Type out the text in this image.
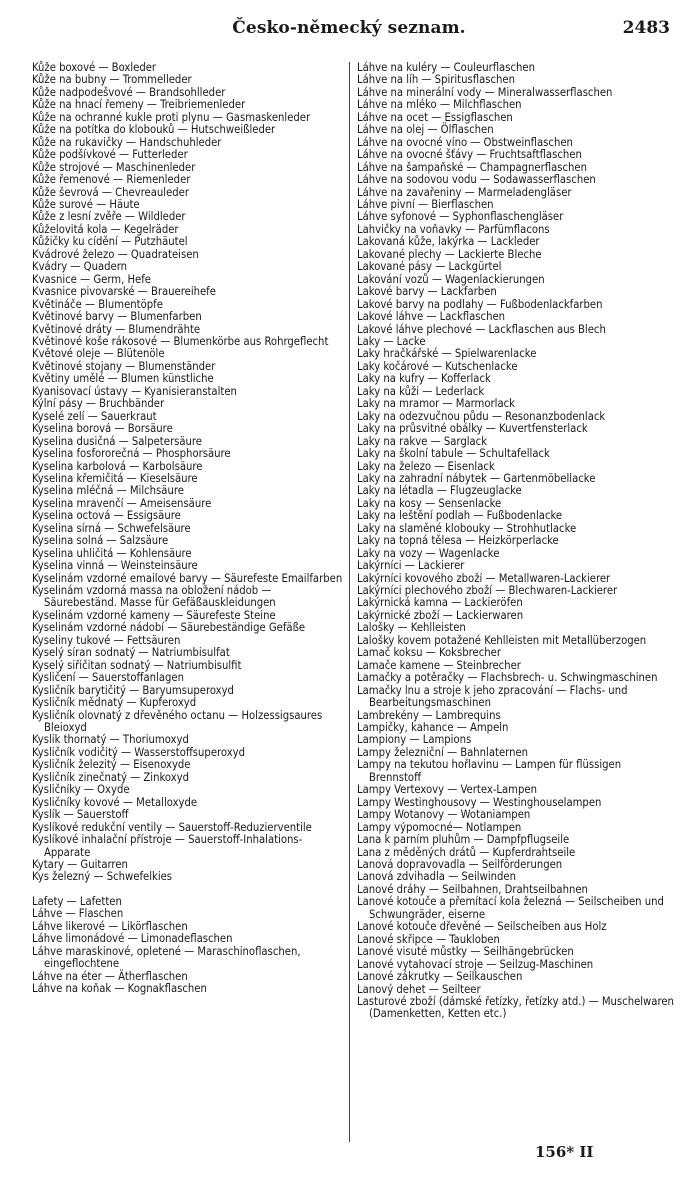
Česko-německý seznam.	2483

Kůže boxové — Boxleder

Kůže na bubny — Trommelleder

Kůže nadpodešvové — Brandsohlleder

Kůže na hnací řemeny — Treibriemenleder

Kůže na ochranné kukle proti plynu — Gasmaskenleder

Kůže na potítka do klobouků — Hutschweißleder

Kůže na rukavičky — Handschuhleder

Kůže podšívkové — Futterleder

Kůže strojové — Maschinenleder

Kůže řemenové — Riemenleder

Kůže ševrová — Chevreauleder

Kůže surové — Häute

Kůže z lesní zvěře — Wildleder

Kůželovitá kola — Kegelräder

Kůžičky ku cídění — Putzhäutel

Kvádrové železo — Quadrateisen

Kvádry — Quadern

Kvasnice — Germ, Hefe

Kvasnice pivovarské — Brauereihefe

Květináče — Blumentöpfe

Květinové barvy — Blumenfarben

Květinové dráty — Blumendrähte

Květinové koše rákosové — Blumenkörbe aus Rohrgeflecht

Květové oleje — Blütenöle

Květinové stojany — Blumenständer

Květiny umělé — Blumen künstliche

Kyanisovací ústavy — Kyanisieranstalten

Kýlní pásy — Bruchbänder

Kyselé zelí — Sauerkraut

Kyselina borová — Borsäure

Kyselina dusičná — Salpetersäure

Kyselina fosfororečná — Phosphorsäure

Kyselina karbolová — Karbolsäure

Kyselina křemičitá — Kieselsäure

Kyselina mléčná — Milchsäure

Kyselina mravenčí — Ameisensäure

Kyselina octová — Essigsäure

Kyselina sírná — Schwefelsäure

Kyselina solná — Salzsäure

Kyselina uhličitá — Kohlensäure

Kyselina vinná — Weinsteinsäure

Kyselinám vzdorné emailové barvy — Säurefeste Emailfarben

Kyselinám vzdorná massa na obložení nádob — Säurebeständ. Masse für Gefäßauskleidungen

Kyselinám vzdorné kameny — Säurefeste Steine

Kyselinám vzdorné nádobí — Säurebeständige Gefäße

Kyseliny tukové — Fettsäuren

Kyselý síran sodnatý — Natriumbisulfat

Kyselý siřičitan sodnatý — Natriumbisulfit

Kysličení — Sauerstoffanlagen

Kysličník barytičitý — Baryumsuperoxyd

Kysličník mědnatý — Kupferoxyd

Kysličník olovnatý z dřevěného octanu — Holzessigsaures Bleioxyd

Kyslik thornatý — Thoriumoxyd

Kysličník vodičitý — Wasserstoffsuperoxyd

Kysličník železitý — Eisenoxyde

Kysličník zinečnatý — Zinkoxyd

Kysličníky — Oxyde

Kysličníky kovové — Metalloxyde

Kyslík — Sauerstoff

Kyslíkové redukční ventily — Sauerstoff-Reduzierventile

Kyslíkové inhalační přístroje — Sauerstoff-Inhalations-Apparate

Kytary — Guitarren

Kys železný — Schwefelkies

Lafety — Lafetten

Láhve — Flaschen

Láhve likerové — Likörflaschen

Láhve limonádové — Limonadeflaschen

Láhve maraskinové, opletené — Maraschinoflaschen, eingeflochtene

Láhve na éter — Ätherflaschen

Láhve na koňak — Kognakflaschen

Láhve na kuléry — Couleurflaschen

Láhve na líh — Spiritusflaschen

Láhve na minerální vody — Mineralwasserflaschen

Láhve na mléko — Milchflaschen

Láhve na ocet — Essigflaschen

Láhve na olej — Ölflaschen

Láhve na ovocné víno — Obstweinflaschen

Láhve na ovocné šťávy — Fruchtsaftflaschen

Láhve na šampaňské — Champagnerflaschen

Láhve na sodovou vodu — Sodawasserflaschen

Láhve na zavařeniny — Marmeladengläser

Láhve pivní — Bierflaschen

Láhve syfonové — Syphonflaschengläser

Lahvičky na voňavky — Parfümflacons

Lakovaná kůže, lakýrka — Lackleder

Lakované plechy — Lackierte Bleche

Lakované pásy — Lackgürtel

Lakování vozů — Wagenlackierungen

Lakové barvy — Lackfarben

Lakové barvy na podlahy — Fußbodenlackfarben

Lakové láhve — Lackflaschen

Lakové láhve plechové — Lackflaschen aus Blech

Laky — Lacke

Laky hračkářské — Spielwarenlacke

Laky kočárové — Kutschenlacke

Laky na kufry — Kofferlack

Laky na kůži — Lederlack

Laky na mramor — Marmorlack

Laky na odezvučnou půdu — Resonanzbodenlack

Laky na průsvitné obálky — Kuvertfensterlack

Laky na rakve — Sarglack

Laky na školní tabule — Schultafellack

Laky na železo — Eisenlack

Laky na zahradní nábytek — Gartenmöbellacke

Laky na létadla — Flugzeuglacke

Laky na kosy — Sensenlacke

Laky na leštění podlah — Fußbodenlacke

Laky na slaměné klobouky — Strohhutlacke

Laky na topná tělesa — Heizkörperlacke

Laky na vozy — Wagenlacke

Lakýrníci — Lackierer

Lakýrníci kovového zboží — Metallwaren-Lackierer

Lakýrníci plechového zboží — Blechwaren-Lackierer

Lakýrnická kamna — Lackieröfen

Lakýrnické zboží — Lackierwaren

Lalošky — Kehlleisten

Lalošky kovem potažené Kehlleisten mit Metallüberzogen

Lamač koksu — Koksbrecher

Lamače kamene — Steinbrecher

Lamačky a potěračky — Flachsbrech- u. Schwingmaschinen

Lamačky lnu a stroje k jeho zpracování — Flachs- und Bearbeitungsmaschinen

Lambrekény — Lambrequins

Lampičky, kahance — Ampeln

Lampiony — Lampions

Lampy železniční — Bahnlaternen

Lampy na tekutou hořlavinu — Lampen für flüssigen Brennstoff

Lampy Vertexovy — Vertex-Lampen

Lampy Westinghousovy — Westinghouselampen

Lampy Wotanovy — Wotaniampen

Lampy výpomocné— Notlampen

Lana k parním pluhům — Dampfpflugseile

Lana z měděných drátů — Kupferdrahtseile

Lanová dopravovadla — Seilförderungen

Lanová zdvihadla — Seilwinden

Lanové dráhy — Seilbahnen, Drahtseilbahnen

Lanové kotouče a přemítací kola železná — Seilscheiben und Schwungräder, eiserne

Lanové kotouče dřevěné — Seilscheiben aus Holz

Lanové skřipce — Taukloben

Lanové visuté můstky — Seilhängebrücken

Lanové vytahovací stroje — Seilzug-Maschinen

Lanové zákrutky — Seilkauschen

Lanový dehet — Seilteer

Lasturové zboží (dámské řetízky, řetízky atd.) — Muschelwaren (Damenketten, Ketten etc.)

156* II
